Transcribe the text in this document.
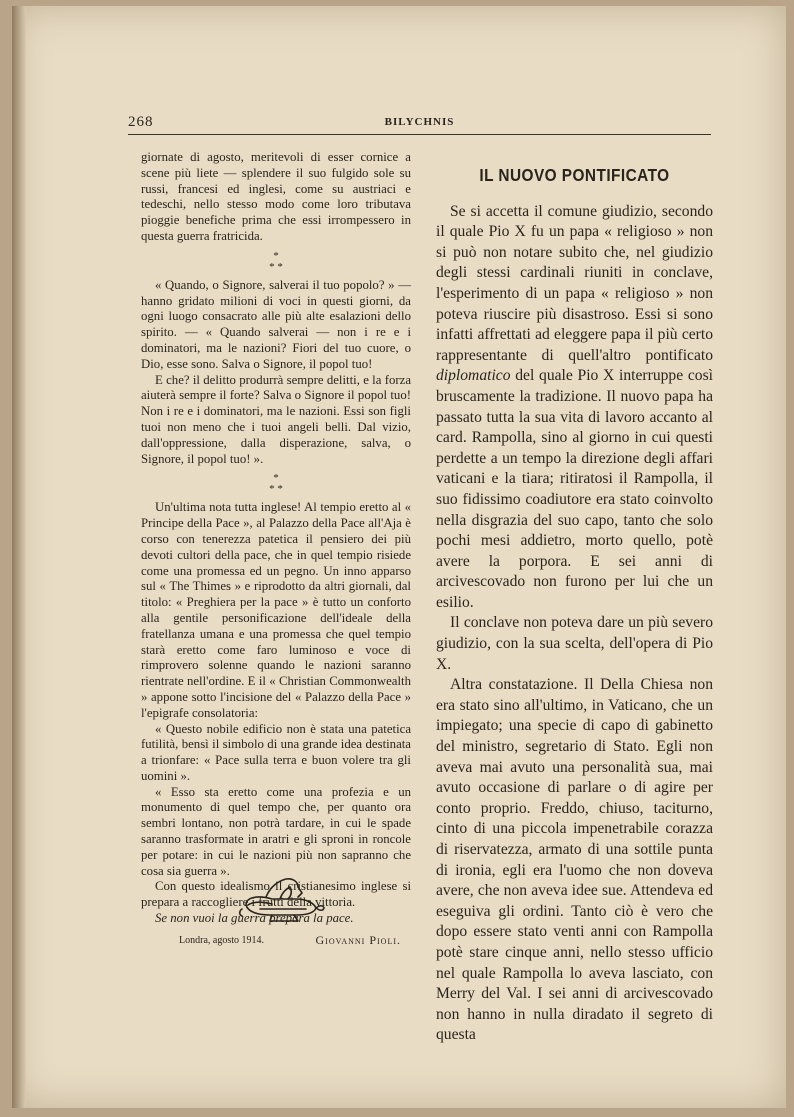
268	BILYCHNIS

giornate di agosto, meritevoli di esser cornice a scene più liete — splendere il suo fulgido sole su russi, francesi ed inglesi, come su austriaci e tedeschi, nello stesso modo come loro tributava pioggie benefiche prima che essi irrompessero in questa guerra fratricida.

*
* *

« Quando, o Signore, salverai il tuo popolo? » — hanno gridato milioni di voci in questi giorni, da ogni luogo consacrato alle più alte esalazioni dello spirito. — « Quando salverai — non i re e i dominatori, ma le nazioni? Fiori del tuo cuore, o Dio, esse sono. Salva o Signore, il popol tuo!

E che? il delitto produrrà sempre delitti, e la forza aiuterà sempre il forte? Salva o Signore il popol tuo! Non i re e i dominatori, ma le nazioni. Essi son figli tuoi non meno che i tuoi angeli belli. Dal vizio, dall'oppressione, dalla disperazione, salva, o Signore, il popol tuo! ».

*
* *

Un'ultima nota tutta inglese! Al tempio eretto al « Principe della Pace », al Palazzo della Pace all'Aja è corso con tenerezza patetica il pensiero dei più devoti cultori della pace, che in quel tempio risiede come una promessa ed un pegno. Un inno apparso sul « The Thimes » e riprodotto da altri giornali, dal titolo: « Preghiera per la pace » è tutto un conforto alla gentile personificazione dell'ideale della fratellanza umana e una promessa che quel tempio starà eretto come faro luminoso e voce di rimprovero solenne quando le nazioni saranno rientrate nell'ordine. E il « Christian Commonwealth » appone sotto l'incisione del « Palazzo della Pace » l'epigrafe consolatoria:

« Questo nobile edificio non è stata una patetica futilità, bensì il simbolo di una grande idea destinata a trionfare: « Pace sulla terra e buon volere tra gli uomini ».

« Esso sta eretto come una profezia e un monumento di quel tempo che, per quanto ora sembri lontano, non potrà tardare, in cui le spade saranno trasformate in aratri e gli sproni in roncole per potare: in cui le nazioni più non sapranno che cosa sia guerra ».

Con questo idealismo il cristianesimo inglese si prepara a raccogliere i frutti della vittoria.

Se non vuoi la guerra prepara la pace.

Londra, agosto 1914.	Giovanni Pioli.
IL NUOVO PONTIFICATO

Se si accetta il comune giudizio, secondo il quale Pio X fu un papa « religioso » non si può non notare subito che, nel giudizio degli stessi cardinali riuniti in conclave, l'esperimento di un papa « religioso » non poteva riuscire più disastroso. Essi si sono infatti affrettati ad eleggere papa il più certo rappresentante di quell'altro pontificato diplomatico del quale Pio X interruppe così bruscamente la tradizione. Il nuovo papa ha passato tutta la sua vita di lavoro accanto al card. Rampolla, sino al giorno in cui questi perdette a un tempo la direzione degli affari vaticani e la tiara; ritiratosi il Rampolla, il suo fidissimo coadiutore era stato coinvolto nella disgrazia del suo capo, tanto che solo pochi mesi addietro, morto quello, potè avere la porpora. E sei anni di arcivescovado non furono per lui che un esilio.

Il conclave non poteva dare un più severo giudizio, con la sua scelta, dell'opera di Pio X.

Altra constatazione. Il Della Chiesa non era stato sino all'ultimo, in Vaticano, che un impiegato; una specie di capo di gabinetto del ministro, segretario di Stato. Egli non aveva mai avuto una personalità sua, mai avuto occasione di parlare o di agire per conto proprio. Freddo, chiuso, taciturno, cinto di una piccola impenetrabile corazza di riservatezza, armato di una sottile punta di ironia, egli era l'uomo che non doveva avere, che non aveva idee sue. Attendeva ed eseguiva gli ordini. Tanto ciò è vero che dopo essere stato venti anni con Rampolla potè stare cinque anni, nello stesso ufficio nel quale Rampolla lo aveva lasciato, con Merry del Val. I sei anni di arcivescovado non hanno in nulla diradato il segreto di questa
